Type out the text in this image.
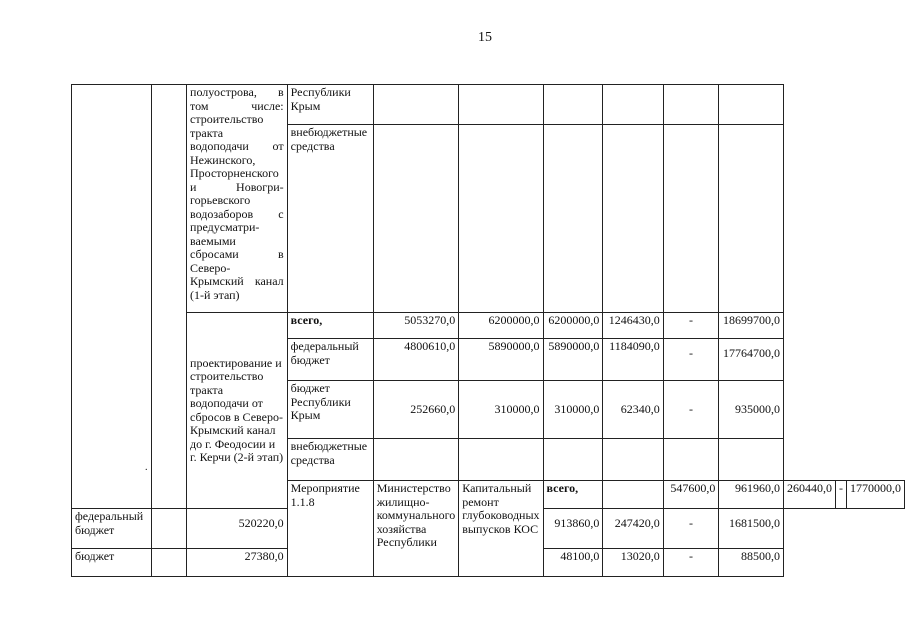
15
		полуострова, в том числе: строительство тракта водоподачи от Нежинского, Просторненского и Новогри- горьевского водозаборов с предусматри- ваемыми сбросами в Северо-Крымский канал (1-й этап)	Республики Крым									
			внебюджетные средства									
		проектирование и строительство тракта водоподачи от сбросов в Северо-Крымский канал до г. Феодосии и г. Керчи (2-й этап)	всего,	5053270,0	6200000,0	6200000,0	1246430,0	-	18699700,0			
			федеральный бюджет	4800610,0	5890000,0	5890000,0	1184090,0	-	17764700,0			
			бюджет Республики Крым	252660,0	310000,0	310000,0	62340,0	-	935000,0			
			внебюджетные средства									
			Мероприятие 1.1.8	Министерство жилищно- коммунального хозяйства Республики	Капитальный ремонт глубоководных выпусков КОС	всего,		547600,0	961960,0	260440,0	-	1770000,0
федеральный бюджет		520220,0				913860,0	247420,0	-	1681500,0			
бюджет		27380,0				48100,0	13020,0	-	88500,0			
.
